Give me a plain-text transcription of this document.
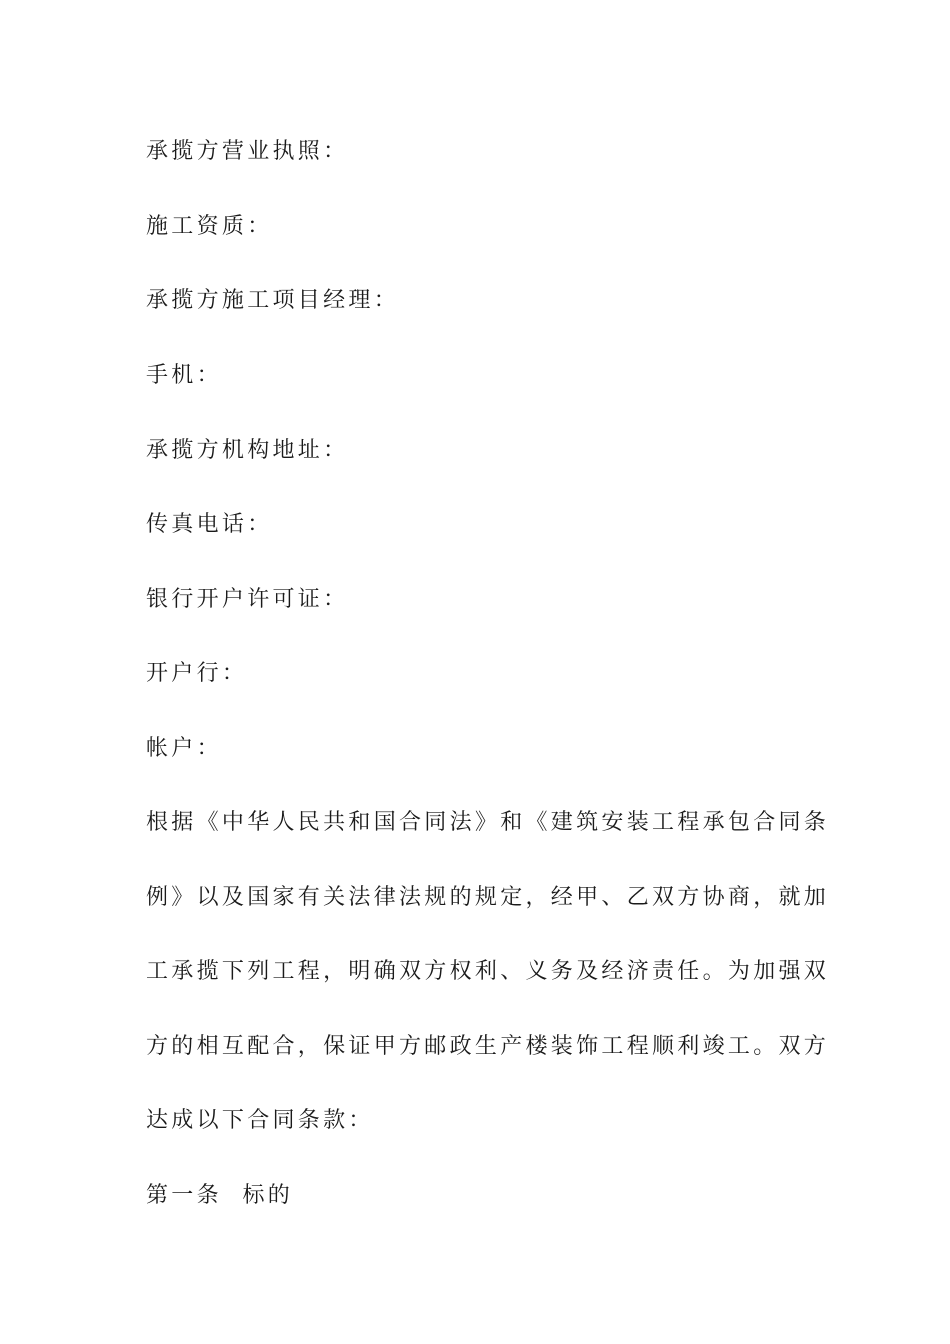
承揽方营业执照：
施工资质：
承揽方施工项目经理：
手机：
承揽方机构地址：
传真电话：
银行开户许可证：
开户行：
帐户：
根据《中华人民共和国合同法》和《建筑安装工程承包合同条
例》以及国家有关法律法规的规定，经甲、乙双方协商，就加
工承揽下列工程，明确双方权利、义务及经济责任。为加强双
方的相互配合，保证甲方邮政生产楼装饰工程顺利竣工。双方
达成以下合同条款：
第一条  标的
